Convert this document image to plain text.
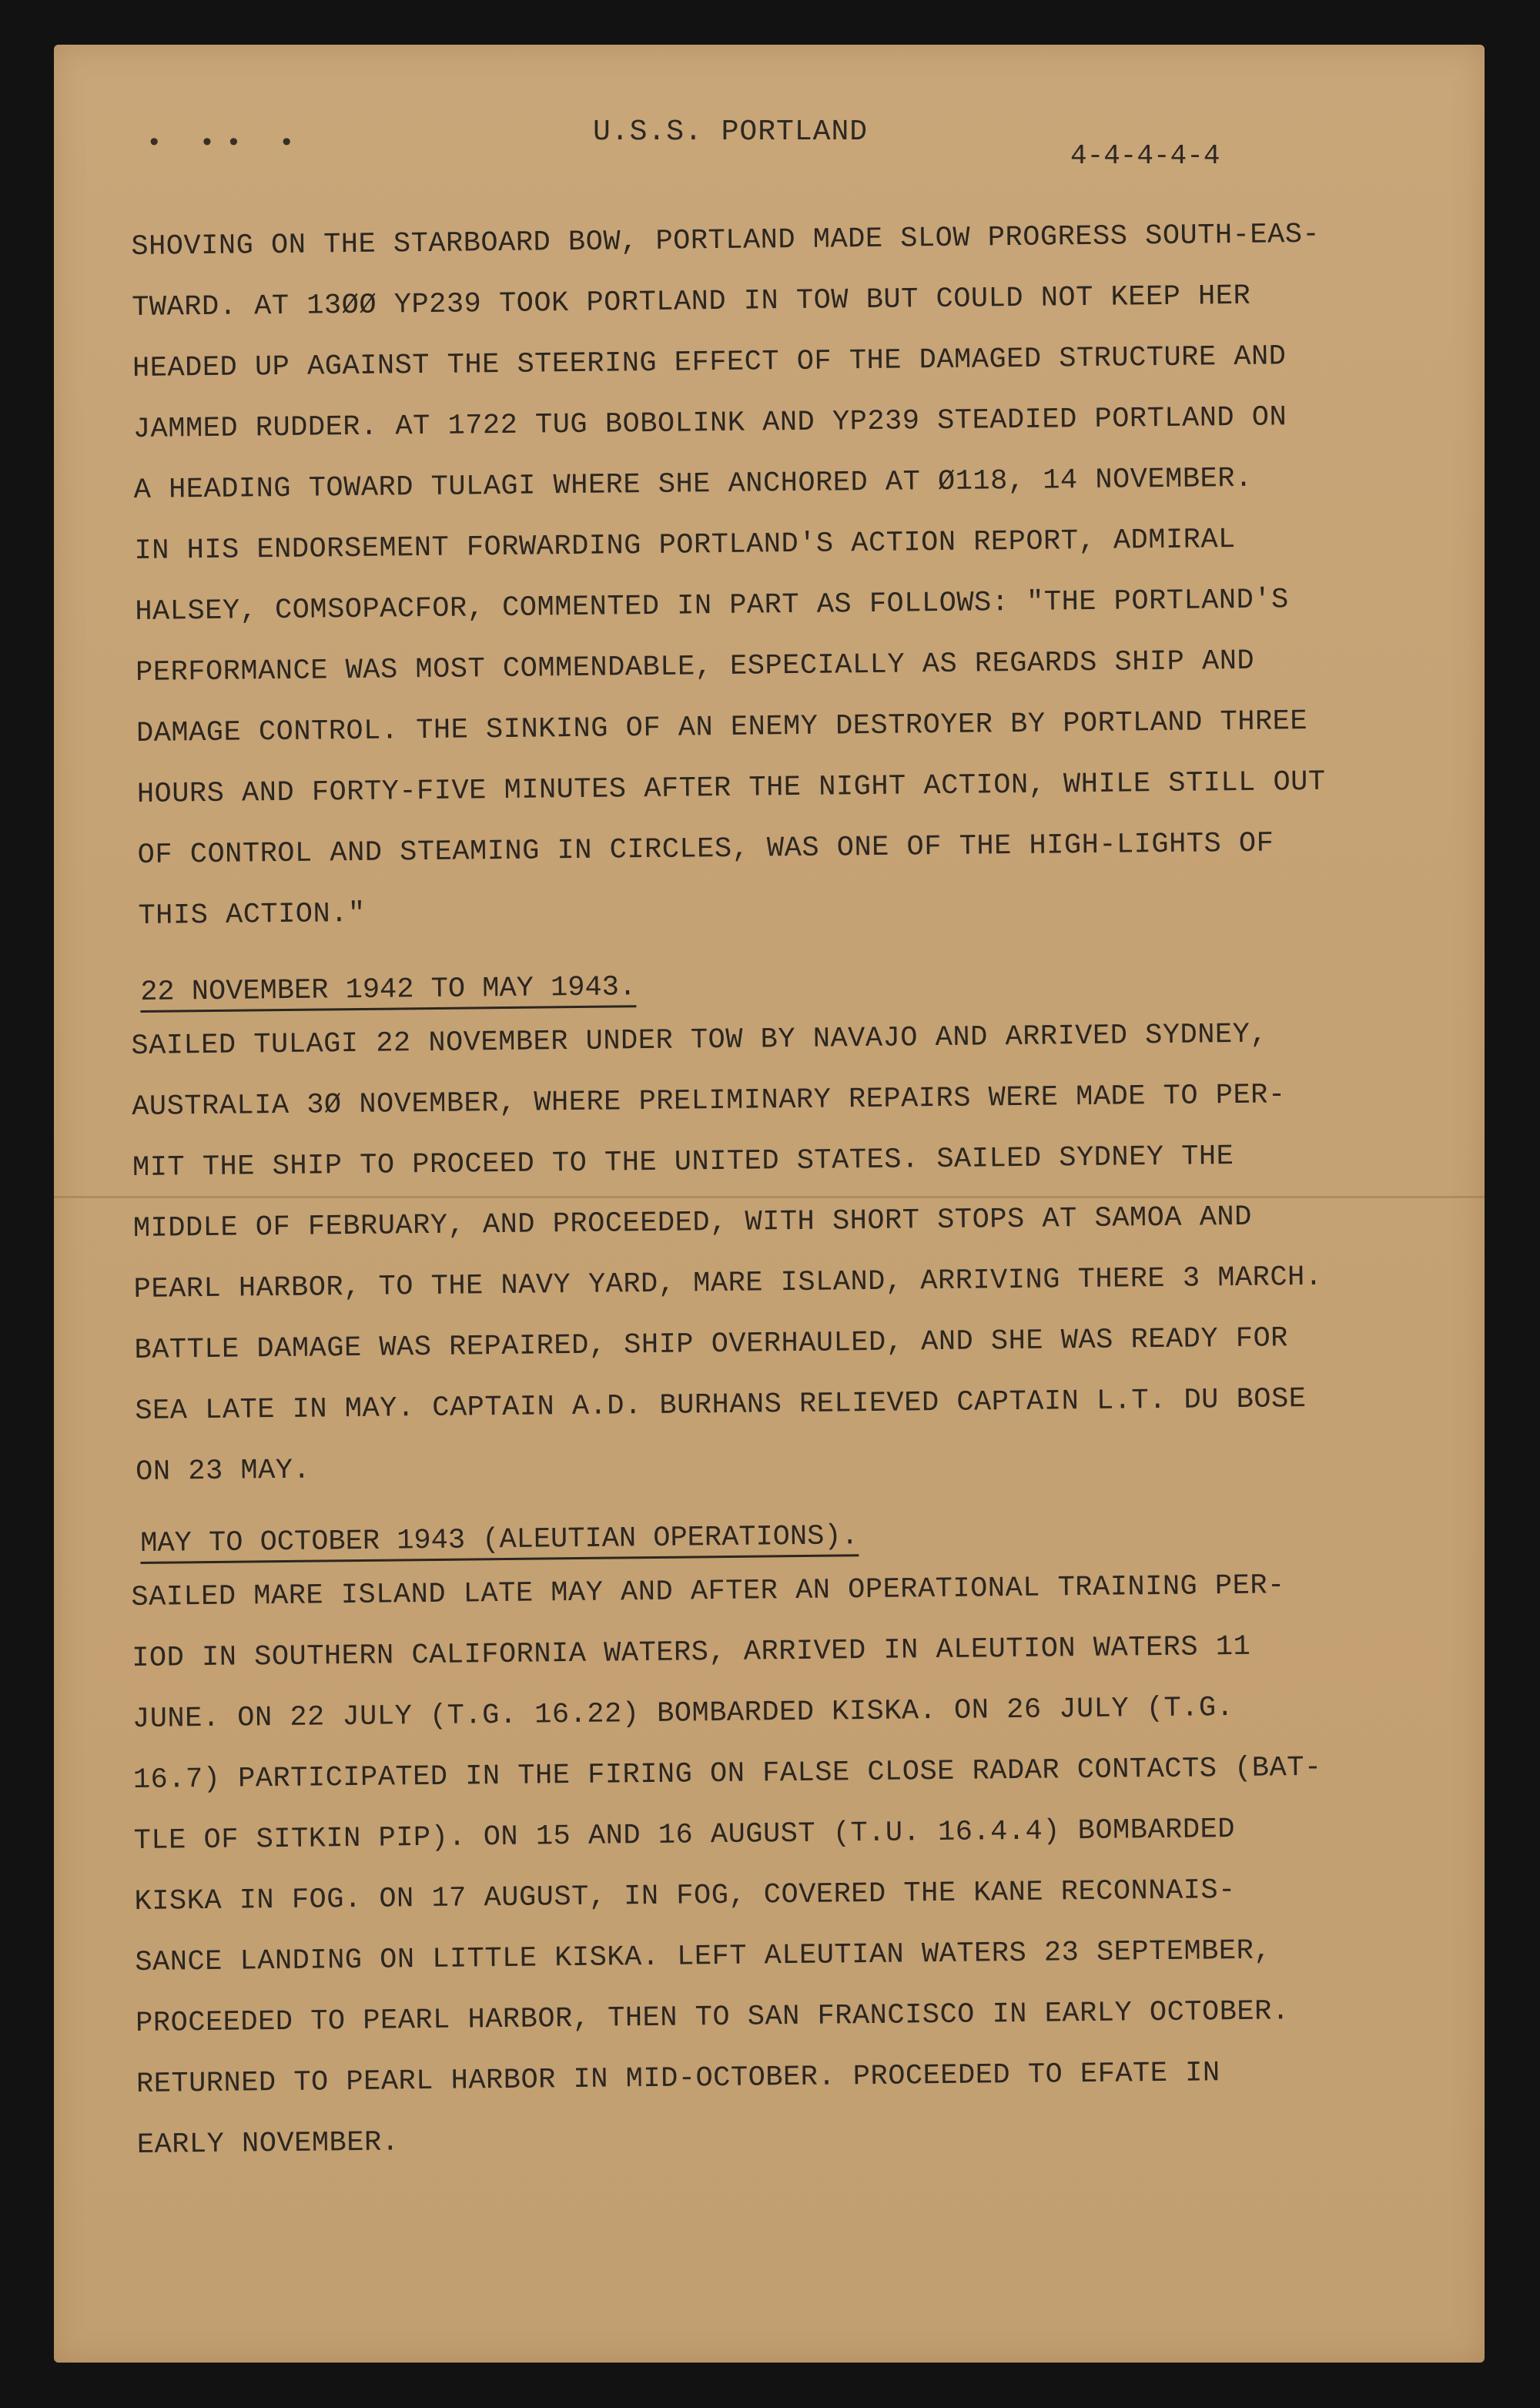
• •• •	U.S.S. PORTLAND
4-4-4-4-4
SHOVING ON THE STARBOARD BOW, PORTLAND MADE SLOW PROGRESS SOUTH-EAS-
TWARD. AT 13ØØ YP239 TOOK PORTLAND IN TOW BUT COULD NOT KEEP HER
HEADED UP AGAINST THE STEERING EFFECT OF THE DAMAGED STRUCTURE AND
JAMMED RUDDER. AT 1722 TUG BOBOLINK AND YP239 STEADIED PORTLAND ON
A HEADING TOWARD TULAGI WHERE SHE ANCHORED AT Ø118, 14 NOVEMBER.
IN HIS ENDORSEMENT FORWARDING PORTLAND'S ACTION REPORT, ADMIRAL
HALSEY, COMSOPACFOR, COMMENTED IN PART AS FOLLOWS: "THE PORTLAND'S
PERFORMANCE WAS MOST COMMENDABLE, ESPECIALLY AS REGARDS SHIP AND
DAMAGE CONTROL. THE SINKING OF AN ENEMY DESTROYER BY PORTLAND THREE
HOURS AND FORTY-FIVE MINUTES AFTER THE NIGHT ACTION, WHILE STILL OUT
OF CONTROL AND STEAMING IN CIRCLES, WAS ONE OF THE HIGH-LIGHTS OF
THIS ACTION."
22 NOVEMBER 1942 TO MAY 1943.
SAILED TULAGI 22 NOVEMBER UNDER TOW BY NAVAJO AND ARRIVED SYDNEY,
AUSTRALIA 3Ø NOVEMBER, WHERE PRELIMINARY REPAIRS WERE MADE TO PER-
MIT THE SHIP TO PROCEED TO THE UNITED STATES. SAILED SYDNEY THE
MIDDLE OF FEBRUARY, AND PROCEEDED, WITH SHORT STOPS AT SAMOA AND
PEARL HARBOR, TO THE NAVY YARD, MARE ISLAND, ARRIVING THERE 3 MARCH.
BATTLE DAMAGE WAS REPAIRED, SHIP OVERHAULED, AND SHE WAS READY FOR
SEA LATE IN MAY. CAPTAIN A.D. BURHANS RELIEVED CAPTAIN L.T. DU BOSE
ON 23 MAY.
MAY TO OCTOBER 1943 (ALEUTIAN OPERATIONS).
SAILED MARE ISLAND LATE MAY AND AFTER AN OPERATIONAL TRAINING PER-
IOD IN SOUTHERN CALIFORNIA WATERS, ARRIVED IN ALEUTION WATERS 11
JUNE. ON 22 JULY (T.G. 16.22) BOMBARDED KISKA. ON 26 JULY (T.G.
16.7) PARTICIPATED IN THE FIRING ON FALSE CLOSE RADAR CONTACTS (BAT-
TLE OF SITKIN PIP). ON 15 AND 16 AUGUST (T.U. 16.4.4) BOMBARDED
KISKA IN FOG. ON 17 AUGUST, IN FOG, COVERED THE KANE RECONNAIS-
SANCE LANDING ON LITTLE KISKA. LEFT ALEUTIAN WATERS 23 SEPTEMBER,
PROCEEDED TO PEARL HARBOR, THEN TO SAN FRANCISCO IN EARLY OCTOBER.
RETURNED TO PEARL HARBOR IN MID-OCTOBER. PROCEEDED TO EFATE IN
EARLY NOVEMBER.
